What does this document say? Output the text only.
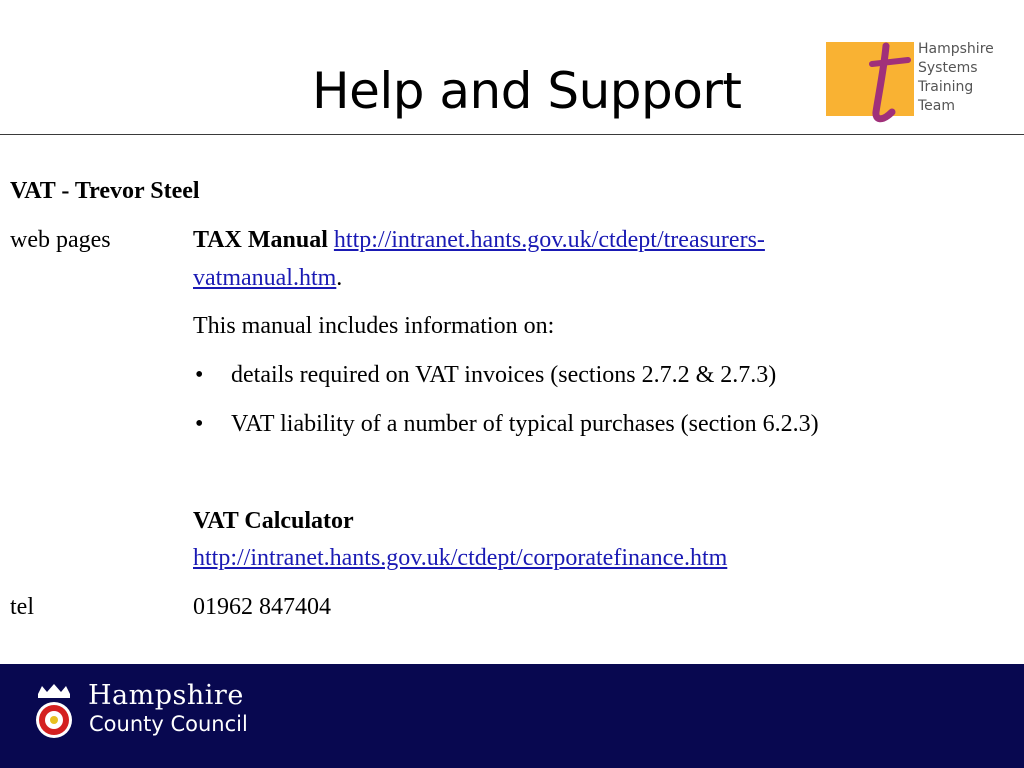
Help and Support
Hampshire
Systems
Training
Team
VAT - Trevor Steel
web pages	TAX Manual http://intranet.hants.gov.uk/ctdept/treasurers-
vatmanual.htm.
This manual includes information on:
• details required on VAT invoices (sections 2.7.2 & 2.7.3)
• VAT liability of a number of typical purchases (section 6.2.3)
VAT Calculator
http://intranet.hants.gov.uk/ctdept/corporatefinance.htm
tel	01962 847404
Hampshire
County Council
